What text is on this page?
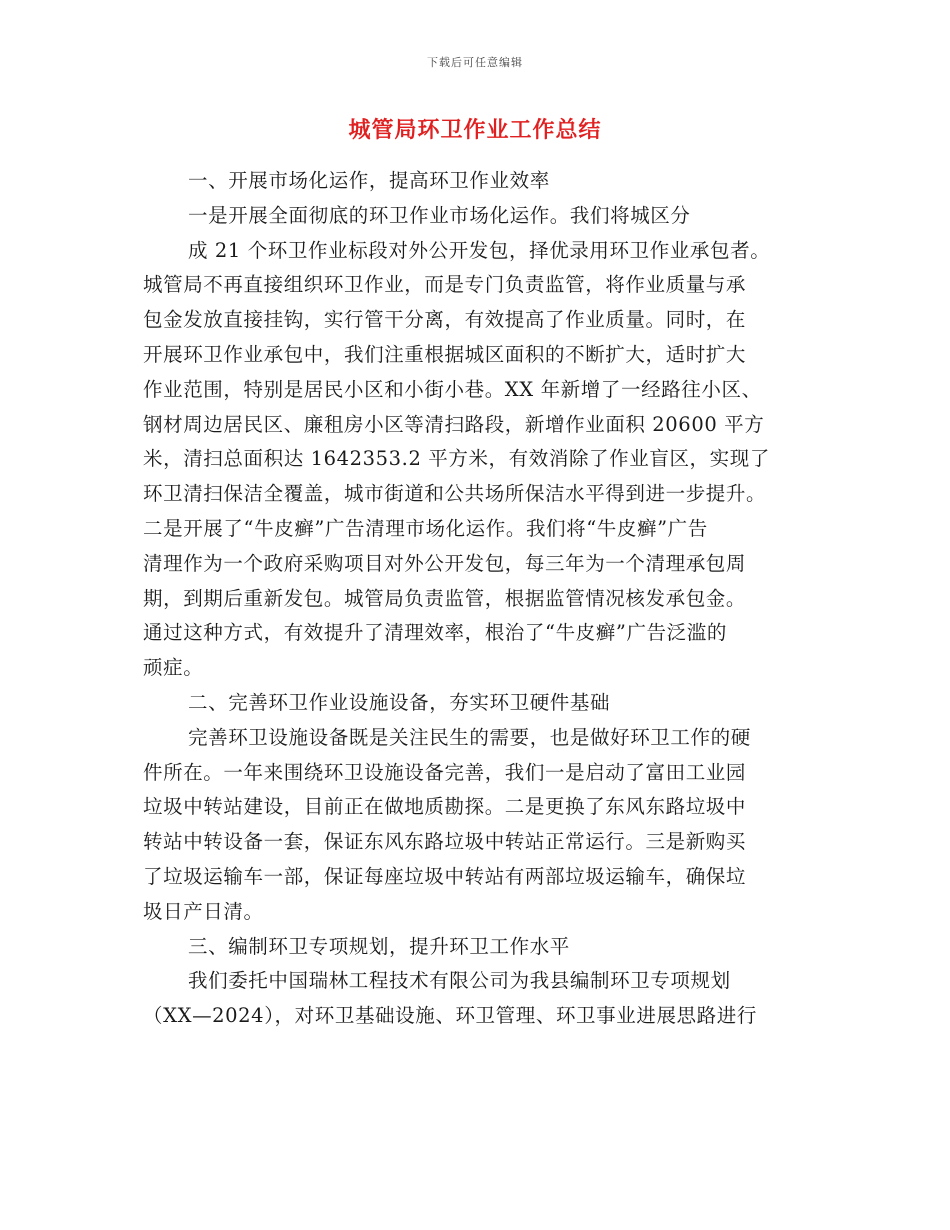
下载后可任意编辑
城管局环卫作业工作总结
一、开展市场化运作，提高环卫作业效率
一是开展全面彻底的环卫作业市场化运作。我们将城区分
成 21 个环卫作业标段对外公开发包，择优录用环卫作业承包者。
城管局不再直接组织环卫作业，而是专门负责监管，将作业质量与承
包金发放直接挂钩，实行管干分离，有效提高了作业质量。同时，在
开展环卫作业承包中，我们注重根据城区面积的不断扩大，适时扩大
作业范围，特别是居民小区和小街小巷。XX 年新增了一经路往小区、
钢材周边居民区、廉租房小区等清扫路段，新增作业面积 20600 平方
米，清扫总面积达 1642353.2 平方米，有效消除了作业盲区，实现了
环卫清扫保洁全覆盖，城市街道和公共场所保洁水平得到进一步提升。
二是开展了“牛皮癣”广告清理市场化运作。我们将“牛皮癣”广告
清理作为一个政府采购项目对外公开发包，每三年为一个清理承包周
期，到期后重新发包。城管局负责监管，根据监管情况核发承包金。
通过这种方式，有效提升了清理效率，根治了“牛皮癣”广告泛滥的
顽症。
二、完善环卫作业设施设备，夯实环卫硬件基础
完善环卫设施设备既是关注民生的需要，也是做好环卫工作的硬
件所在。一年来围绕环卫设施设备完善，我们一是启动了富田工业园
垃圾中转站建设，目前正在做地质勘探。二是更换了东风东路垃圾中
转站中转设备一套，保证东风东路垃圾中转站正常运行。三是新购买
了垃圾运输车一部，保证每座垃圾中转站有两部垃圾运输车，确保垃
圾日产日清。
三、编制环卫专项规划，提升环卫工作水平
我们委托中国瑞林工程技术有限公司为我县编制环卫专项规划
（XX—2024），对环卫基础设施、环卫管理、环卫事业进展思路进行
